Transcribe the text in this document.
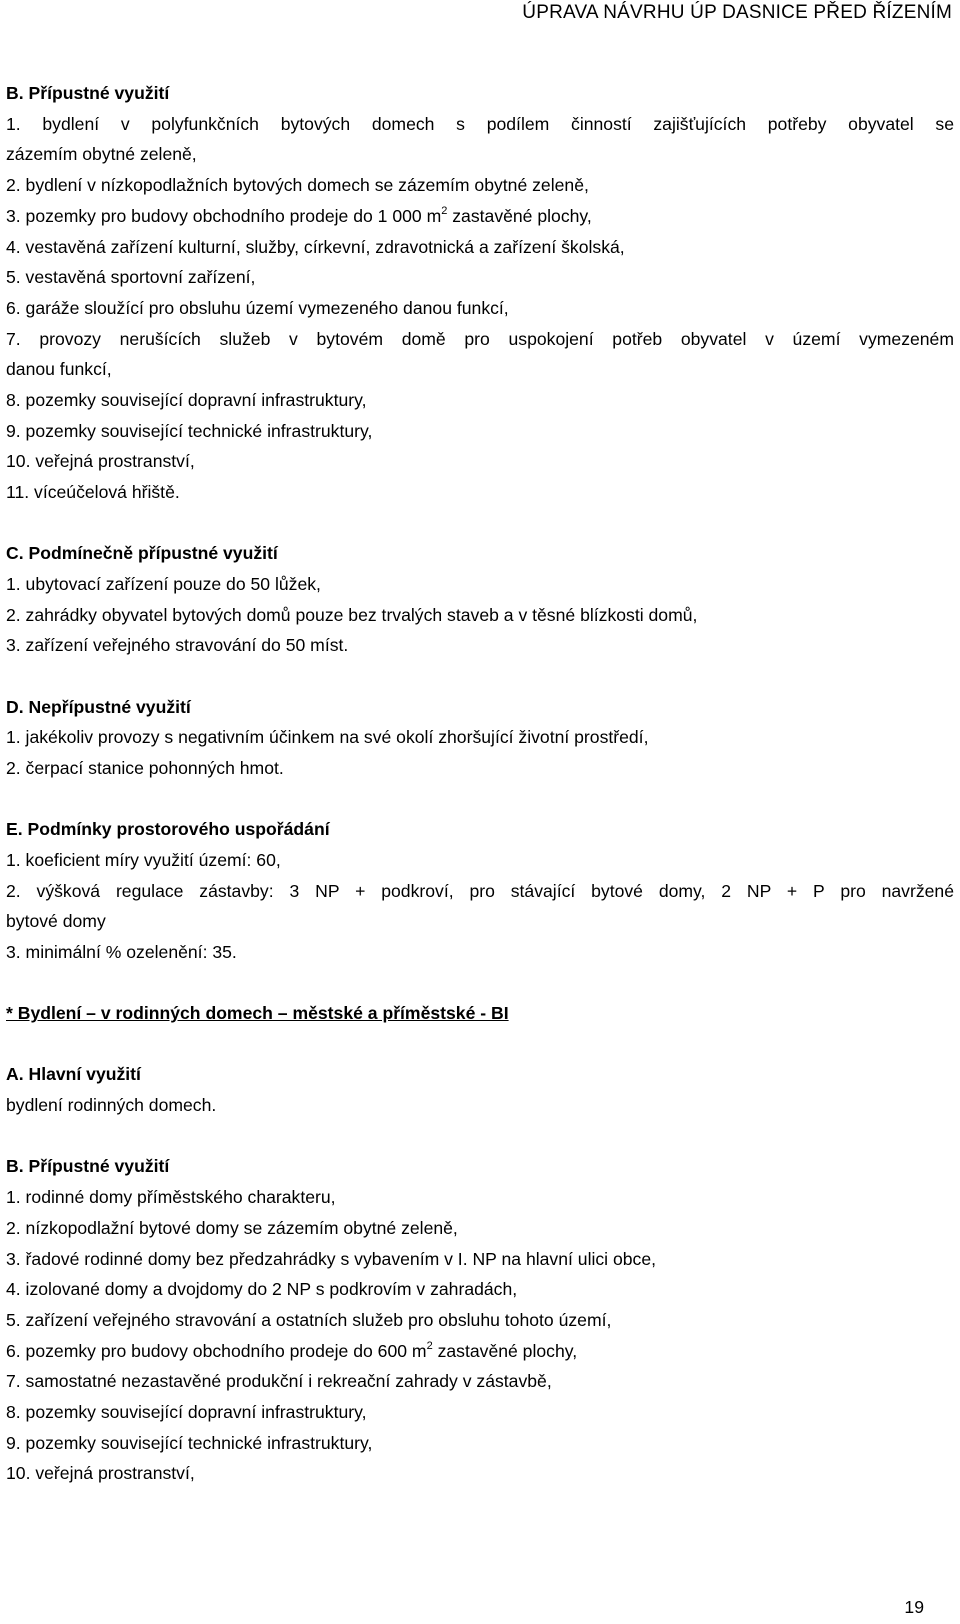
ÚPRAVA NÁVRHU ÚP DASNICE PŘED ŘÍZENÍM

B. Přípustné využití

1. bydlení v polyfunkčních bytových domech s podílem činností zajišťujících potřeby obyvatel se

zázemím obytné zeleně,

2. bydlení v nízkopodlažních bytových domech se zázemím obytné zeleně,

3. pozemky pro budovy obchodního prodeje do 1 000 $m^2$ zastavěné plochy,

4. vestavěná zařízení kulturní, služby, církevní, zdravotnická a zařízení školská,

5. vestavěná sportovní zařízení,

6. garáže sloužící pro obsluhu území vymezeného danou funkcí,

7. provozy nerušících služeb v bytovém domě pro uspokojení potřeb obyvatel v území vymezeném

danou funkcí,

8. pozemky související dopravní infrastruktury,

9. pozemky související technické infrastruktury,

10. veřejná prostranství,

11. víceúčelová hřiště.

C. Podmínečně přípustné využití

1. ubytovací zařízení pouze do 50 lůžek,

2. zahrádky obyvatel bytových domů pouze bez trvalých staveb a v těsné blízkosti domů,

3. zařízení veřejného stravování do 50 míst.

D. Nepřípustné využití

1. jakékoliv provozy s negativním účinkem na své okolí zhoršující životní prostředí,

2. čerpací stanice pohonných hmot.

E. Podmínky prostorového uspořádání

1. koeficient míry využití území: 60,

2. výšková regulace zástavby: 3 NP + podkroví, pro stávající bytové domy, 2 NP + P pro navržené

bytové domy

3. minimální % ozelenění: 35.

* Bydlení – v rodinných domech – městské a příměstské - BI

A. Hlavní využití

bydlení rodinných domech.

B. Přípustné využití

1. rodinné domy příměstského charakteru,

2. nízkopodlažní bytové domy se zázemím obytné zeleně,

3. řadové rodinné domy bez předzahrádky s vybavením v I. NP na hlavní ulici obce,

4. izolované domy a dvojdomy do 2 NP s podkrovím v zahradách,

5. zařízení veřejného stravování a ostatních služeb pro obsluhu tohoto území,

6. pozemky pro budovy obchodního prodeje do 600 $m^2$ zastavěné plochy,

7. samostatné nezastavěné produkční i rekreační zahrady v zástavbě,

8. pozemky související dopravní infrastruktury,

9. pozemky související technické infrastruktury,

10. veřejná prostranství,

19
